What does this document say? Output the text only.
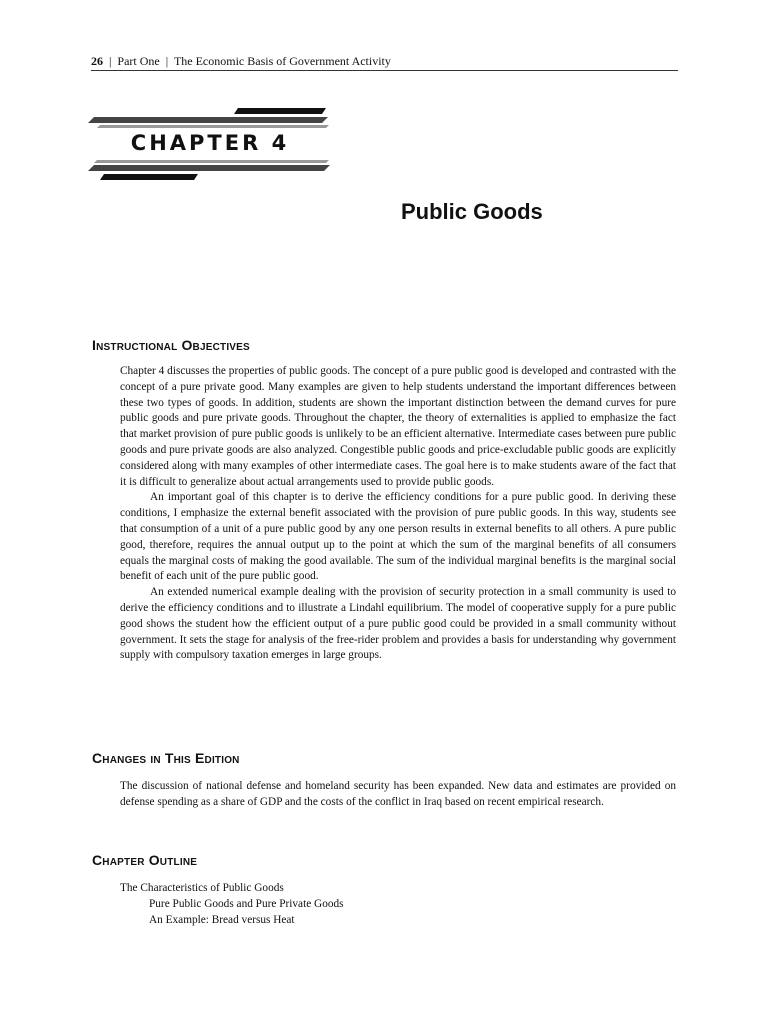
26  |  Part One  |  The Economic Basis of Government Activity
CHAPTER 4
Public Goods
Instructional Objectives

Chapter 4 discusses the properties of public goods. The concept of a pure public good is developed and contrasted with the concept of a pure private good. Many examples are given to help students understand the important differences between these two types of goods. In addition, students are shown the important distinction between the demand curves for pure public goods and pure private goods. Throughout the chapter, the theory of externalities is applied to emphasize the fact that market provision of pure public goods is unlikely to be an efficient alternative. Intermediate cases between pure public goods and pure private goods are also analyzed. Congestible public goods and price-excludable public goods are explicitly considered along with many examples of other intermediate cases. The goal here is to make students aware of the fact that it is difficult to generalize about actual arrangements used to provide public goods.

An important goal of this chapter is to derive the efficiency conditions for a pure public good. In deriving these conditions, I emphasize the external benefit associated with the provision of pure public goods. In this way, students see that consumption of a unit of a pure public good by any one person results in external benefits to all others. A pure public good, therefore, requires the annual output up to the point at which the sum of the marginal benefits of all consumers equals the marginal costs of making the good available. The sum of the individual marginal benefits is the marginal social benefit of each unit of the pure public good.

An extended numerical example dealing with the provision of security protection in a small community is used to derive the efficiency conditions and to illustrate a Lindahl equilibrium. The model of cooperative supply for a pure public good shows the student how the efficient output of a pure public good could be provided in a small community without government. It sets the stage for analysis of the free-rider problem and provides a basis for understanding why government supply with compulsory taxation emerges in large groups.

Changes in This Edition

The discussion of national defense and homeland security has been expanded. New data and estimates are provided on defense spending as a share of GDP and the costs of the conflict in Iraq based on recent empirical research.

Chapter Outline
The Characteristics of Public Goods
Pure Public Goods and Pure Private Goods
An Example: Bread versus Heat
